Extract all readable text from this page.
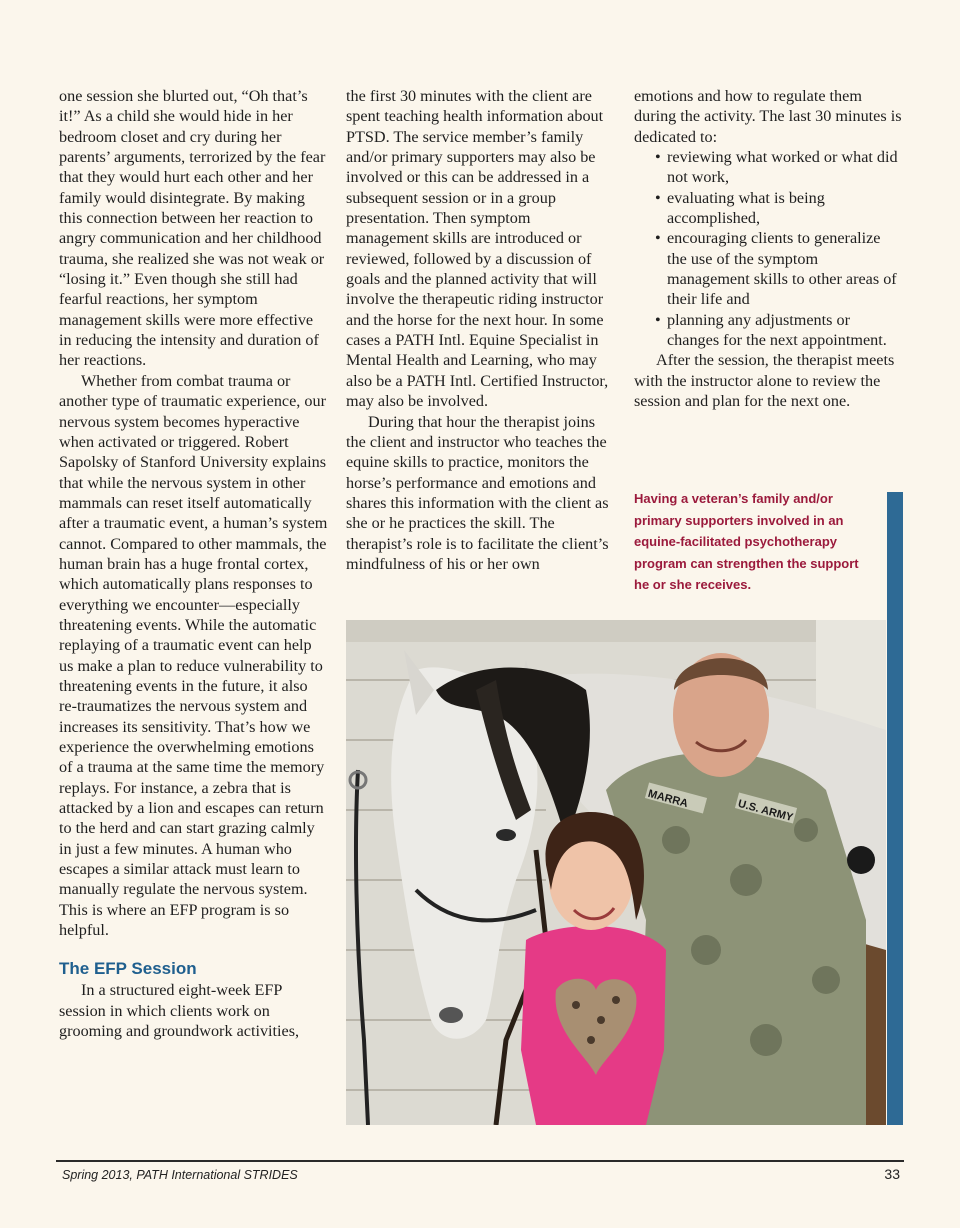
one session she blurted out, “Oh that’s it!” As a child she would hide in her bedroom closet and cry during her parents’ arguments, terrorized by the fear that they would hurt each other and her family would disintegrate. By making this connection between her reaction to angry communication and her childhood trauma, she realized she was not weak or “losing it.” Even though she still had fearful reactions, her symptom management skills were more effective in reducing the intensity and duration of her reactions.

Whether from combat trauma or another type of traumatic experience, our nervous system becomes hyperactive when activated or triggered. Robert Sapolsky of Stanford University explains that while the nervous system in other mammals can reset itself automatically after a traumatic event, a human’s system cannot. Compared to other mammals, the human brain has a huge frontal cortex, which automatically plans responses to everything we encounter—especially threatening events. While the automatic replaying of a traumatic event can help us make a plan to reduce vulnerability to threatening events in the future, it also re-traumatizes the nervous system and increases its sensitivity. That’s how we experience the overwhelming emotions of a trauma at the same time the memory replays. For instance, a zebra that is attacked by a lion and escapes can return to the herd and can start grazing calmly in just a few minutes. A human who escapes a similar attack must learn to manually regulate the nervous system. This is where an EFP program is so helpful.

The EFP Session

In a structured eight-week EFP session in which clients work on grooming and groundwork activities,

the first 30 minutes with the client are spent teaching health information about PTSD. The service member’s family and/or primary supporters may also be involved or this can be addressed in a subsequent session or in a group presentation. Then symptom management skills are introduced or reviewed, followed by a discussion of goals and the planned activity that will involve the therapeutic riding instructor and the horse for the next hour. In some cases a PATH Intl. Equine Specialist in Mental Health and Learning, who may also be a PATH Intl. Certified Instructor, may also be involved.

During that hour the therapist joins the client and instructor who teaches the equine skills to practice, monitors the horse’s performance and emotions and shares this information with the client as she or he practices the skill. The therapist’s role is to facilitate the client’s mindfulness of his or her own

emotions and how to regulate them during the activity. The last 30 minutes is dedicated to:

• reviewing what worked or what did not work,
• evaluating what is being accomplished,
• encouraging clients to generalize the use of the symptom management skills to other areas of their life and
• planning any adjustments or changes for the next appointment.

After the session, the therapist meets with the instructor alone to review the session and plan for the next one.

Having a veteran’s family and/or primary supporters involved in an equine-facilitated psychotherapy program can strengthen the support he or she receives.
MARRA	U.S. ARMY
Spring 2013, PATH International STRIDES	33
